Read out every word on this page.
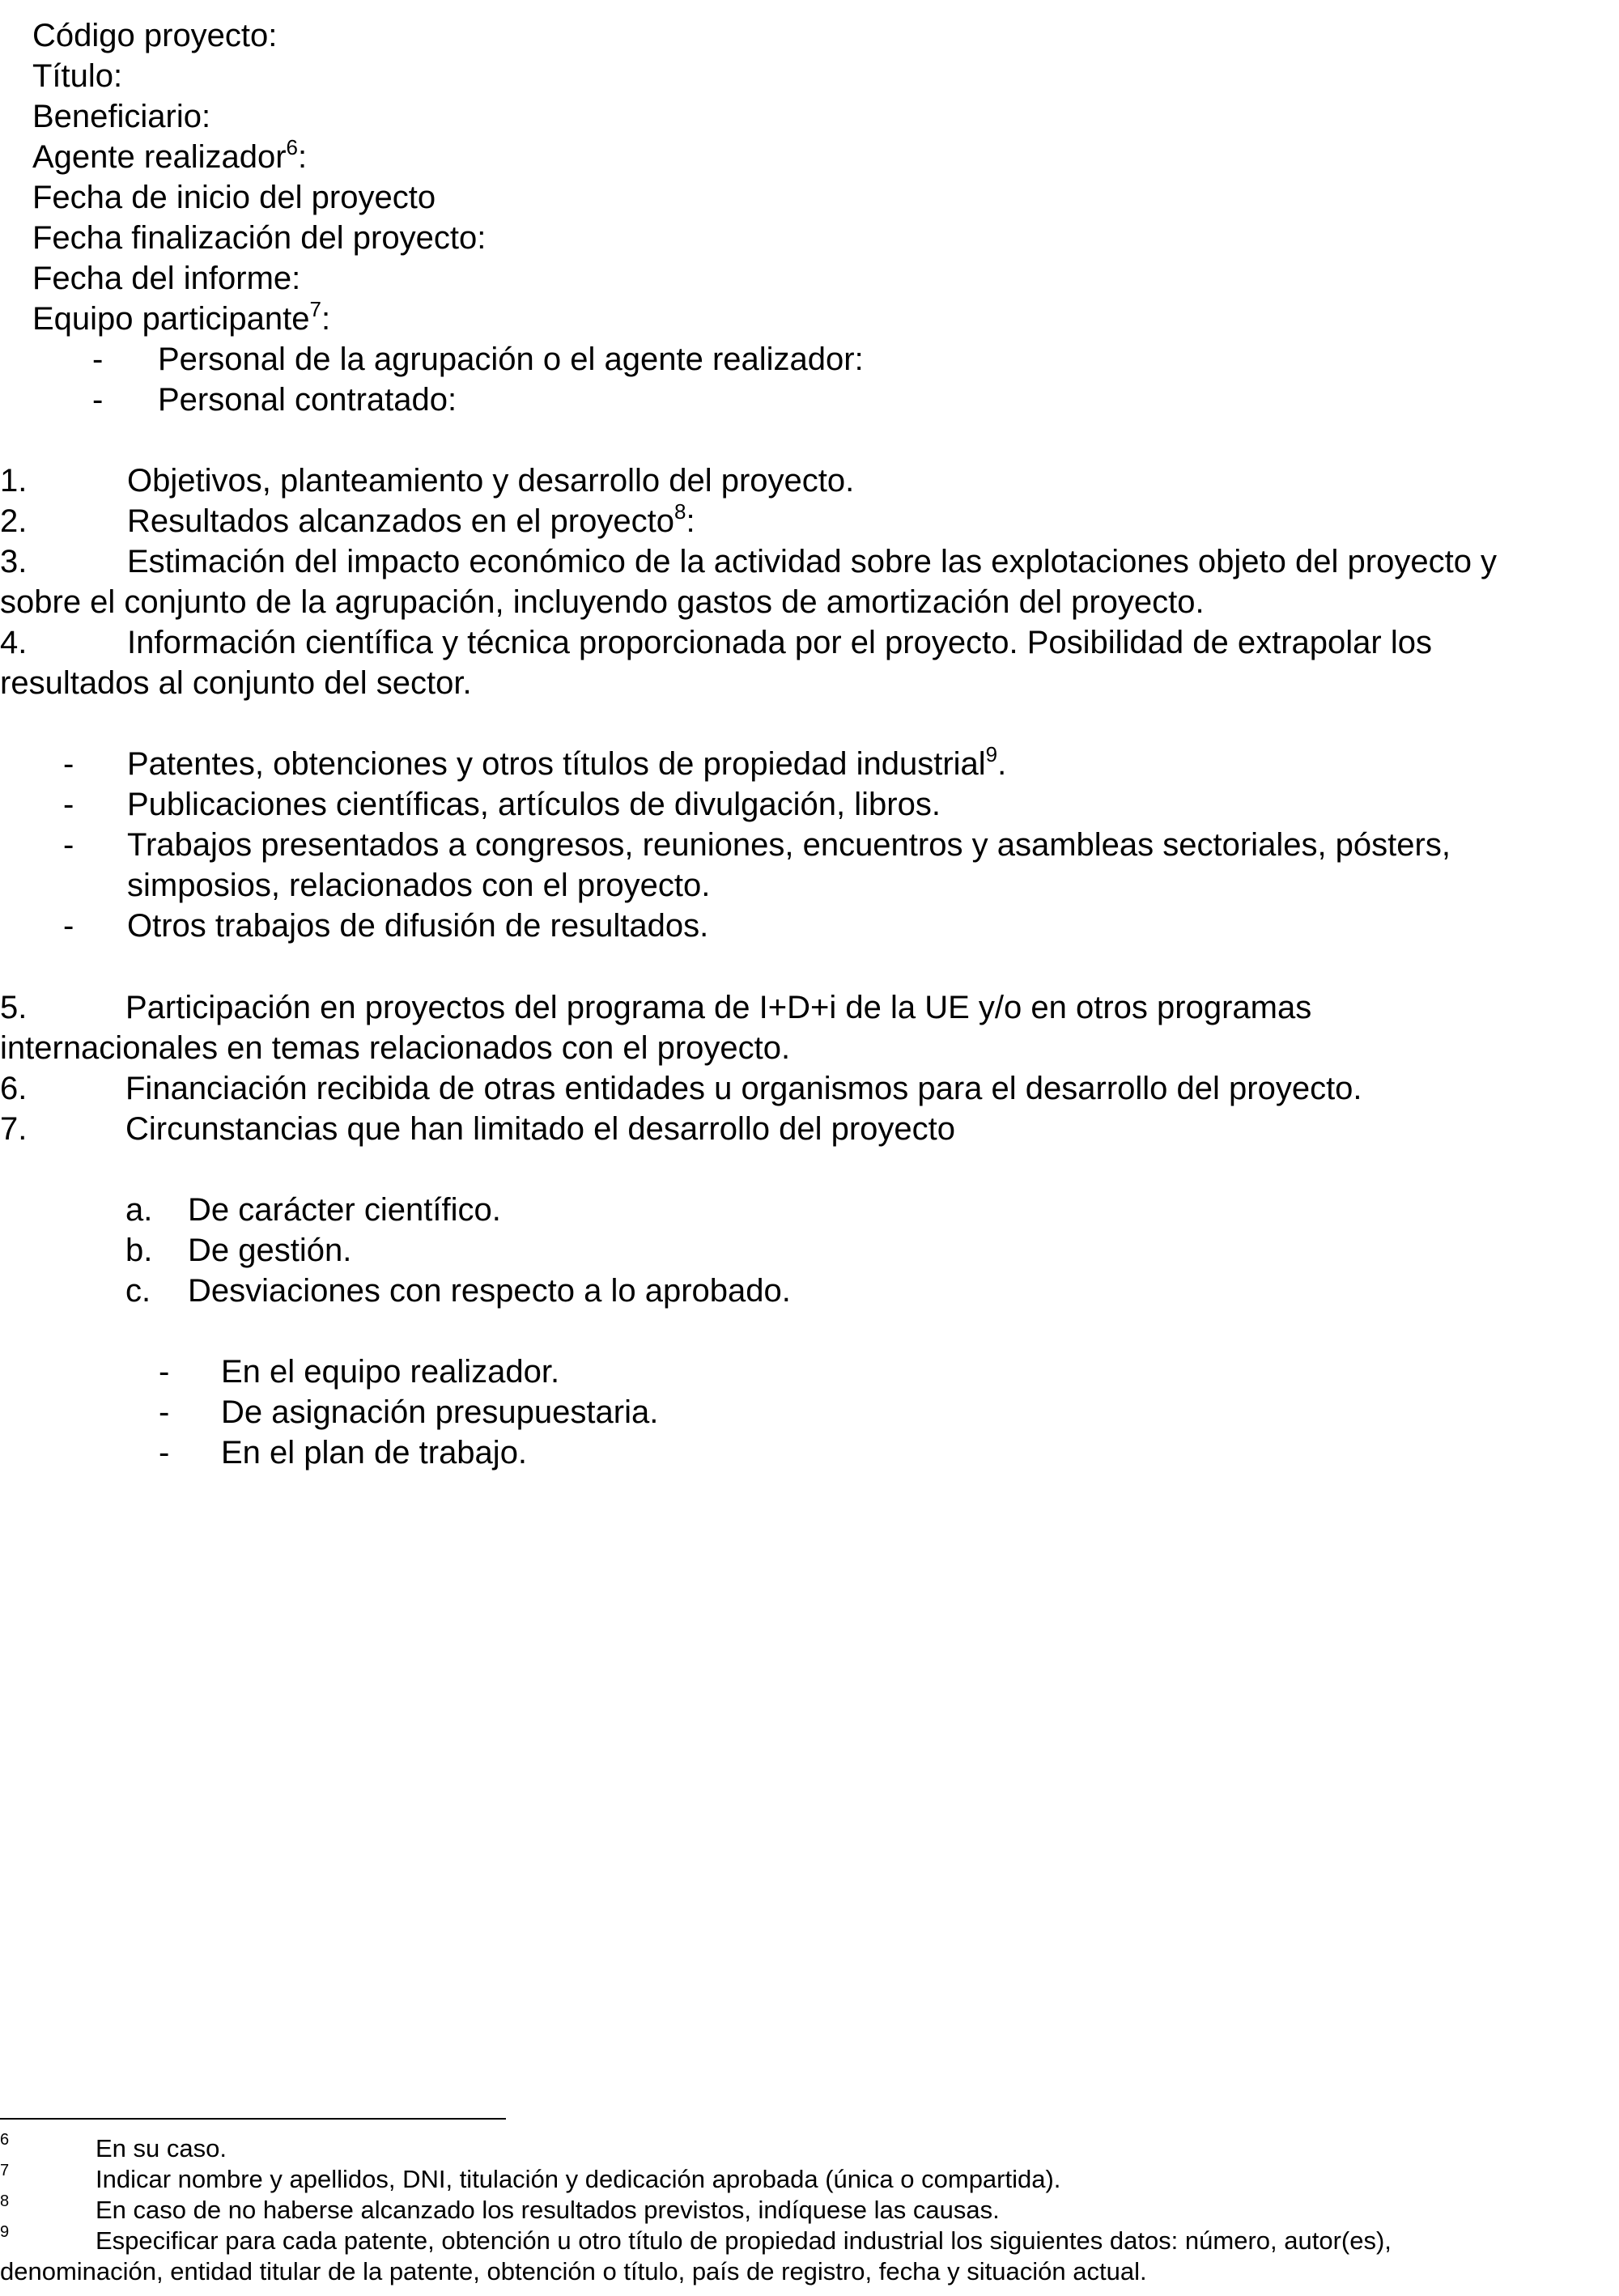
Código proyecto:
Título:
Beneficiario:
Agente realizador$^6$:
Fecha de inicio del proyecto
Fecha finalización del proyecto:
Fecha del informe:
Equipo participante$^7$:
- Personal de la agrupación o el agente realizador:
- Personal contratado:
1.	Objetivos, planteamiento y desarrollo del proyecto.
2.	Resultados alcanzados en el proyecto$^8$:
3.	Estimación del impacto económico de la actividad sobre las explotaciones objeto del proyecto y
sobre el conjunto de la agrupación, incluyendo gastos de amortización del proyecto.
4.	Información científica y técnica proporcionada por el proyecto. Posibilidad de extrapolar los
resultados al conjunto del sector.
- Patentes, obtenciones y otros títulos de propiedad industrial$^9$.
- Publicaciones científicas, artículos de divulgación, libros.
- Trabajos presentados a congresos, reuniones, encuentros y asambleas sectoriales, pósters,
simposios, relacionados con el proyecto.
- Otros trabajos de difusión de resultados.
5.	Participación en proyectos del programa de I+D+i de la UE y/o en otros programas
internacionales en temas relacionados con el proyecto.
6.	Financiación recibida de otras entidades u organismos para el desarrollo del proyecto.
7.	Circunstancias que han limitado el desarrollo del proyecto
a. De carácter científico.
b. De gestión.
c. Desviaciones con respecto a lo aprobado.
- En el equipo realizador.
- De asignación presupuestaria.
- En el plan de trabajo.
6	En su caso.
7	Indicar nombre y apellidos, DNI, titulación y dedicación aprobada (única o compartida).
8	En caso de no haberse alcanzado los resultados previstos, indíquese las causas.
9	Especificar para cada patente, obtención u otro título de propiedad industrial los siguientes datos: número, autor(es),
denominación, entidad titular de la patente, obtención o título, país de registro, fecha y situación actual.
